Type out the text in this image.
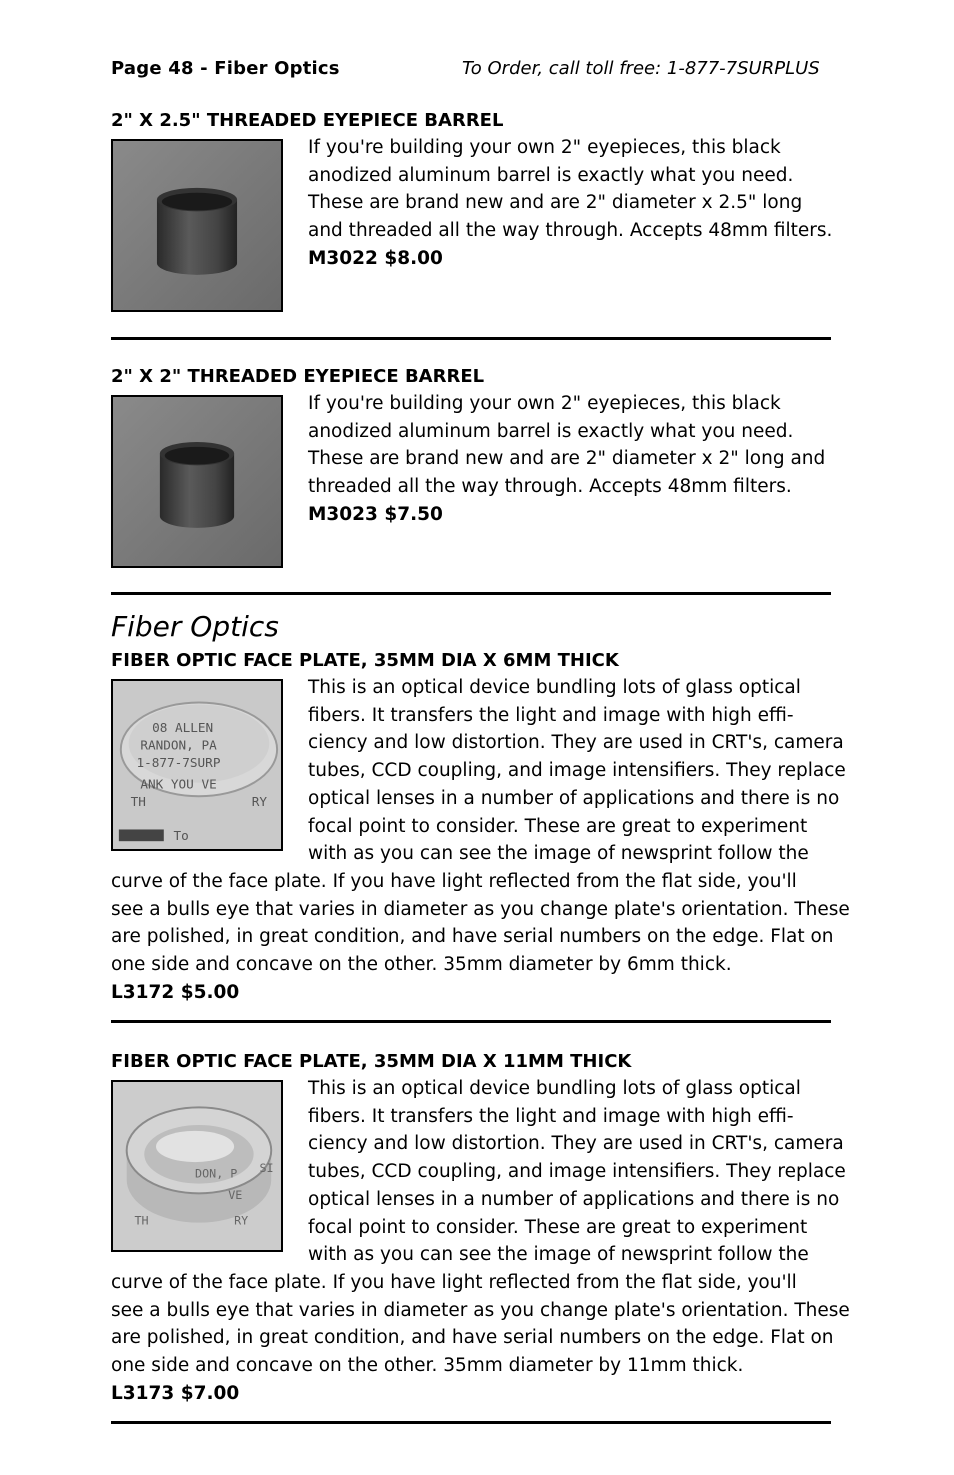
Page 48 - Fiber Optics	To Order, call toll free: 1-877-7SURPLUS
2" X 2.5" THREADED EYEPIECE BARREL

If you're building your own 2" eyepieces, this black

anodized aluminum barrel is exactly what you need.

These are brand new and are 2" diameter x 2.5" long

and threaded all the way through. Accepts 48mm filters.

M3022 $8.00

2" X 2" THREADED EYEPIECE BARREL

If you're building your own 2" eyepieces, this black

anodized aluminum barrel is exactly what you need.

These are brand new and are 2" diameter x 2" long and

threaded all the way through. Accepts 48mm filters.

M3023 $7.50

Fiber Optics
FIBER OPTIC FACE PLATE, 35MM DIA X 6MM THICK
08 ALLEN
RANDON, PA
1-877-7SURP
ANK YOU VE
TH	RY
To

This is an optical device bundling lots of glass optical

fibers. It transfers the light and image with high effi-

ciency and low distortion. They are used in CRT's, camera

tubes, CCD coupling, and image intensifiers. They replace

optical lenses in a number of applications and there is no

focal point to consider. These are great to experiment

with as you can see the image of newsprint follow the

curve of the face plate. If you have light reflected from the flat side, you'll

see a bulls eye that varies in diameter as you change plate's orientation. These

are polished, in great condition, and have serial numbers on the edge. Flat on

one side and concave on the other. 35mm diameter by 6mm thick.

L3172 $5.00

FIBER OPTIC FACE PLATE, 35MM DIA X 11MM THICK
DON, P SI
VE
TH	RY

This is an optical device bundling lots of glass optical

fibers. It transfers the light and image with high effi-

ciency and low distortion. They are used in CRT's, camera

tubes, CCD coupling, and image intensifiers. They replace

optical lenses in a number of applications and there is no

focal point to consider. These are great to experiment

with as you can see the image of newsprint follow the

curve of the face plate. If you have light reflected from the flat side, you'll

see a bulls eye that varies in diameter as you change plate's orientation. These

are polished, in great condition, and have serial numbers on the edge. Flat on

one side and concave on the other. 35mm diameter by 11mm thick.

L3173 $7.00
